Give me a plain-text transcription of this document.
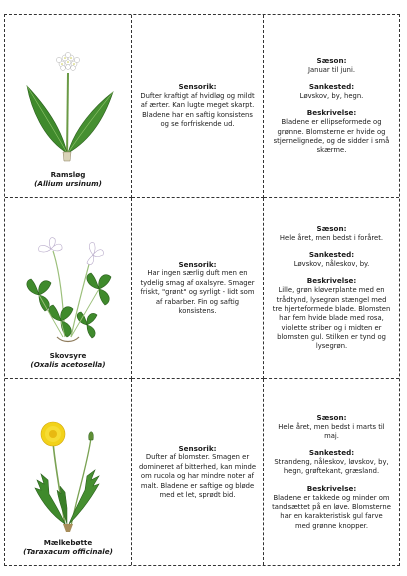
Ramsløg
(Allium ursinum)
Sensorik:
Dufter kraftigt af hvidløg og mildt af ærter. Kan lugte meget skarpt. Bladene har en saftig konsistens og se forfriskende ud.
Sæson:
Januar til juni.
Sankested:
Løvskov, by, hegn.
Beskrivelse:
Bladene er ellipseformede og grønne. Blomsterne er hvide og stjernelignede, og de sidder i små skærme.
Skovsyre
(Oxalis acetosella)
Sensorik:
Har ingen særlig duft men en tydelig smag af oxalsyre. Smager friskt, "grønt" og syrligt - lidt som af rabarber. Fin og saftig konsistens.
Sæson:
Hele året, men bedst i foråret.
Sankested:
Løvskov, nåleskov, by.
Beskrivelse:
Lille, grøn kløverplante med en trådtynd, lysegrøn stængel med tre hjerteformede blade. Blomsten har fem hvide blade med rosa, violette striber og i midten er blomsten gul. Stilken er tynd og lysegrøn.
Mælkebøtte
(Taraxacum officinale)
Sensorik:
Dufter af blomster. Smagen er domineret af bitterhed, kan minde om rucola og har mindre noter af malt. Bladene er saftige og bløde med et let, sprødt bid.
Sæson:
Hele året, men bedst i marts til maj.
Sankested:
Strandeng, nåleskov, løvskov, by, hegn, grøftekant, græsland.
Beskrivelse:
Bladene er takkede og minder om tandsættet på en løve. Blomsterne har en karakteristisk gul farve med grønne knopper.
